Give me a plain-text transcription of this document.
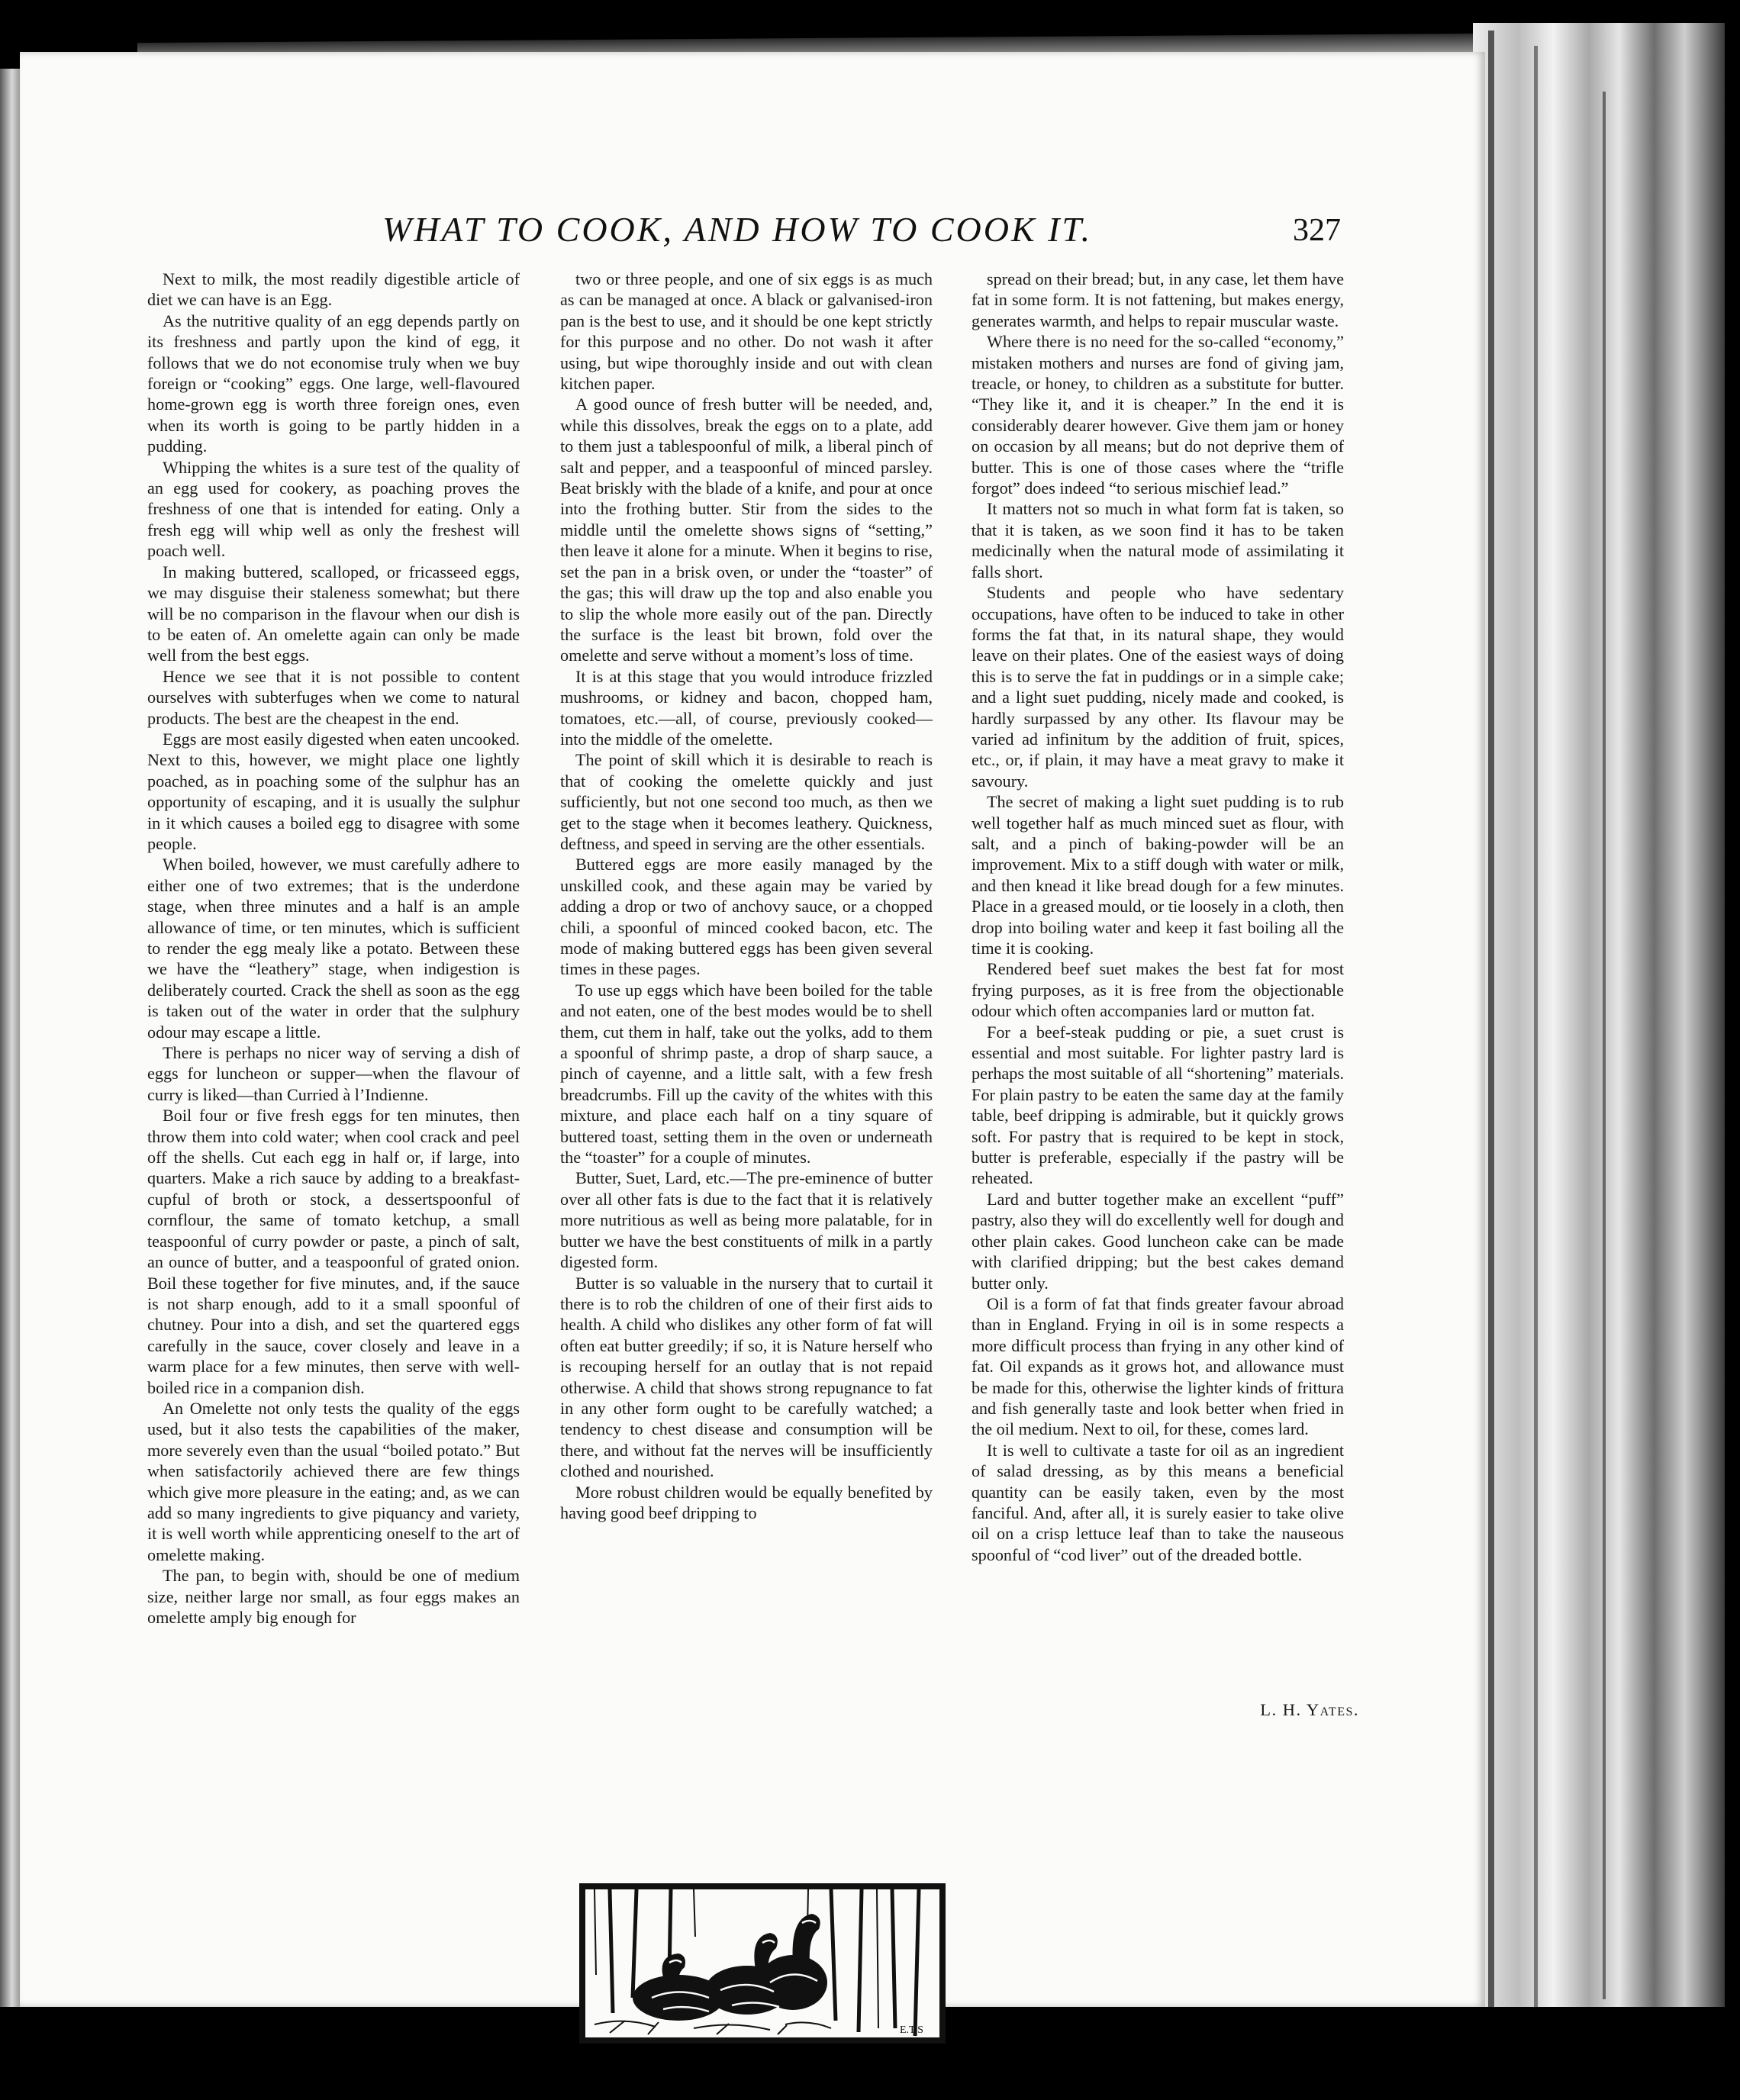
WHAT TO COOK, AND HOW TO COOK IT.	327

Next to milk, the most readily digestible article of diet we can have is an Egg.

As the nutritive quality of an egg depends partly on its freshness and partly upon the kind of egg, it follows that we do not economise truly when we buy foreign or “cooking” eggs. One large, well-flavoured home-grown egg is worth three foreign ones, even when its worth is going to be partly hidden in a pudding.

Whipping the whites is a sure test of the quality of an egg used for cookery, as poaching proves the freshness of one that is intended for eating. Only a fresh egg will whip well as only the freshest will poach well.

In making buttered, scalloped, or fricasseed eggs, we may disguise their staleness somewhat; but there will be no comparison in the flavour when our dish is to be eaten of. An omelette again can only be made well from the best eggs.

Hence we see that it is not possible to content ourselves with subterfuges when we come to natural products. The best are the cheapest in the end.

Eggs are most easily digested when eaten uncooked. Next to this, however, we might place one lightly poached, as in poaching some of the sulphur has an opportunity of escaping, and it is usually the sulphur in it which causes a boiled egg to disagree with some people.

When boiled, however, we must carefully adhere to either one of two extremes; that is the underdone stage, when three minutes and a half is an ample allowance of time, or ten minutes, which is sufficient to render the egg mealy like a potato. Between these we have the “leathery” stage, when indigestion is deliberately courted. Crack the shell as soon as the egg is taken out of the water in order that the sulphury odour may escape a little.

There is perhaps no nicer way of serving a dish of eggs for luncheon or supper—when the flavour of curry is liked—than Curried à l’Indienne.

Boil four or five fresh eggs for ten minutes, then throw them into cold water; when cool crack and peel off the shells. Cut each egg in half or, if large, into quarters. Make a rich sauce by adding to a breakfast-cupful of broth or stock, a dessertspoonful of cornflour, the same of tomato ketchup, a small teaspoonful of curry powder or paste, a pinch of salt, an ounce of butter, and a teaspoonful of grated onion. Boil these together for five minutes, and, if the sauce is not sharp enough, add to it a small spoonful of chutney. Pour into a dish, and set the quartered eggs carefully in the sauce, cover closely and leave in a warm place for a few minutes, then serve with well-boiled rice in a companion dish.

An Omelette not only tests the quality of the eggs used, but it also tests the capabilities of the maker, more severely even than the usual “boiled potato.” But when satisfactorily achieved there are few things which give more pleasure in the eating; and, as we can add so many ingredients to give piquancy and variety, it is well worth while apprenticing oneself to the art of omelette making.

The pan, to begin with, should be one of medium size, neither large nor small, as four eggs makes an omelette amply big enough for

two or three people, and one of six eggs is as much as can be managed at once. A black or galvanised-iron pan is the best to use, and it should be one kept strictly for this purpose and no other. Do not wash it after using, but wipe thoroughly inside and out with clean kitchen paper.

A good ounce of fresh butter will be needed, and, while this dissolves, break the eggs on to a plate, add to them just a tablespoonful of milk, a liberal pinch of salt and pepper, and a teaspoonful of minced parsley. Beat briskly with the blade of a knife, and pour at once into the frothing butter. Stir from the sides to the middle until the omelette shows signs of “setting,” then leave it alone for a minute. When it begins to rise, set the pan in a brisk oven, or under the “toaster” of the gas; this will draw up the top and also enable you to slip the whole more easily out of the pan. Directly the surface is the least bit brown, fold over the omelette and serve without a moment’s loss of time.

It is at this stage that you would introduce frizzled mushrooms, or kidney and bacon, chopped ham, tomatoes, etc.—all, of course, previously cooked—into the middle of the omelette.

The point of skill which it is desirable to reach is that of cooking the omelette quickly and just sufficiently, but not one second too much, as then we get to the stage when it becomes leathery. Quickness, deftness, and speed in serving are the other essentials.

Buttered eggs are more easily managed by the unskilled cook, and these again may be varied by adding a drop or two of anchovy sauce, or a chopped chili, a spoonful of minced cooked bacon, etc. The mode of making buttered eggs has been given several times in these pages.

To use up eggs which have been boiled for the table and not eaten, one of the best modes would be to shell them, cut them in half, take out the yolks, add to them a spoonful of shrimp paste, a drop of sharp sauce, a pinch of cayenne, and a little salt, with a few fresh breadcrumbs. Fill up the cavity of the whites with this mixture, and place each half on a tiny square of buttered toast, setting them in the oven or underneath the “toaster” for a couple of minutes.

Butter, Suet, Lard, etc.—The pre-eminence of butter over all other fats is due to the fact that it is relatively more nutritious as well as being more palatable, for in butter we have the best constituents of milk in a partly digested form.

Butter is so valuable in the nursery that to curtail it there is to rob the children of one of their first aids to health. A child who dislikes any other form of fat will often eat butter greedily; if so, it is Nature herself who is recouping herself for an outlay that is not repaid otherwise. A child that shows strong repugnance to fat in any other form ought to be carefully watched; a tendency to chest disease and consumption will be there, and without fat the nerves will be insufficiently clothed and nourished.

More robust children would be equally benefited by having good beef dripping to

spread on their bread; but, in any case, let them have fat in some form. It is not fattening, but makes energy, generates warmth, and helps to repair muscular waste.

Where there is no need for the so-called “economy,” mistaken mothers and nurses are fond of giving jam, treacle, or honey, to children as a substitute for butter. “They like it, and it is cheaper.” In the end it is considerably dearer however. Give them jam or honey on occasion by all means; but do not deprive them of butter. This is one of those cases where the “trifle forgot” does indeed “to serious mischief lead.”

It matters not so much in what form fat is taken, so that it is taken, as we soon find it has to be taken medicinally when the natural mode of assimilating it falls short.

Students and people who have sedentary occupations, have often to be induced to take in other forms the fat that, in its natural shape, they would leave on their plates. One of the easiest ways of doing this is to serve the fat in puddings or in a simple cake; and a light suet pudding, nicely made and cooked, is hardly surpassed by any other. Its flavour may be varied ad infinitum by the addition of fruit, spices, etc., or, if plain, it may have a meat gravy to make it savoury.

The secret of making a light suet pudding is to rub well together half as much minced suet as flour, with salt, and a pinch of baking-powder will be an improvement. Mix to a stiff dough with water or milk, and then knead it like bread dough for a few minutes. Place in a greased mould, or tie loosely in a cloth, then drop into boiling water and keep it fast boiling all the time it is cooking.

Rendered beef suet makes the best fat for most frying purposes, as it is free from the objectionable odour which often accompanies lard or mutton fat.

For a beef-steak pudding or pie, a suet crust is essential and most suitable. For lighter pastry lard is perhaps the most suitable of all “shortening” materials. For plain pastry to be eaten the same day at the family table, beef dripping is admirable, but it quickly grows soft. For pastry that is required to be kept in stock, butter is preferable, especially if the pastry will be reheated.

Lard and butter together make an excellent “puff” pastry, also they will do excellently well for dough and other plain cakes. Good luncheon cake can be made with clarified dripping; but the best cakes demand butter only.

Oil is a form of fat that finds greater favour abroad than in England. Frying in oil is in some respects a more difficult process than frying in any other kind of fat. Oil expands as it grows hot, and allowance must be made for this, otherwise the lighter kinds of frittura and fish generally taste and look better when fried in the oil medium. Next to oil, for these, comes lard.

It is well to cultivate a taste for oil as an ingredient of salad dressing, as by this means a beneficial quantity can be easily taken, even by the most fanciful. And, after all, it is surely easier to take olive oil on a crisp lettuce leaf than to take the nauseous spoonful of “cod liver” out of the dreaded bottle.

L. H. Yates.
E.T.S
